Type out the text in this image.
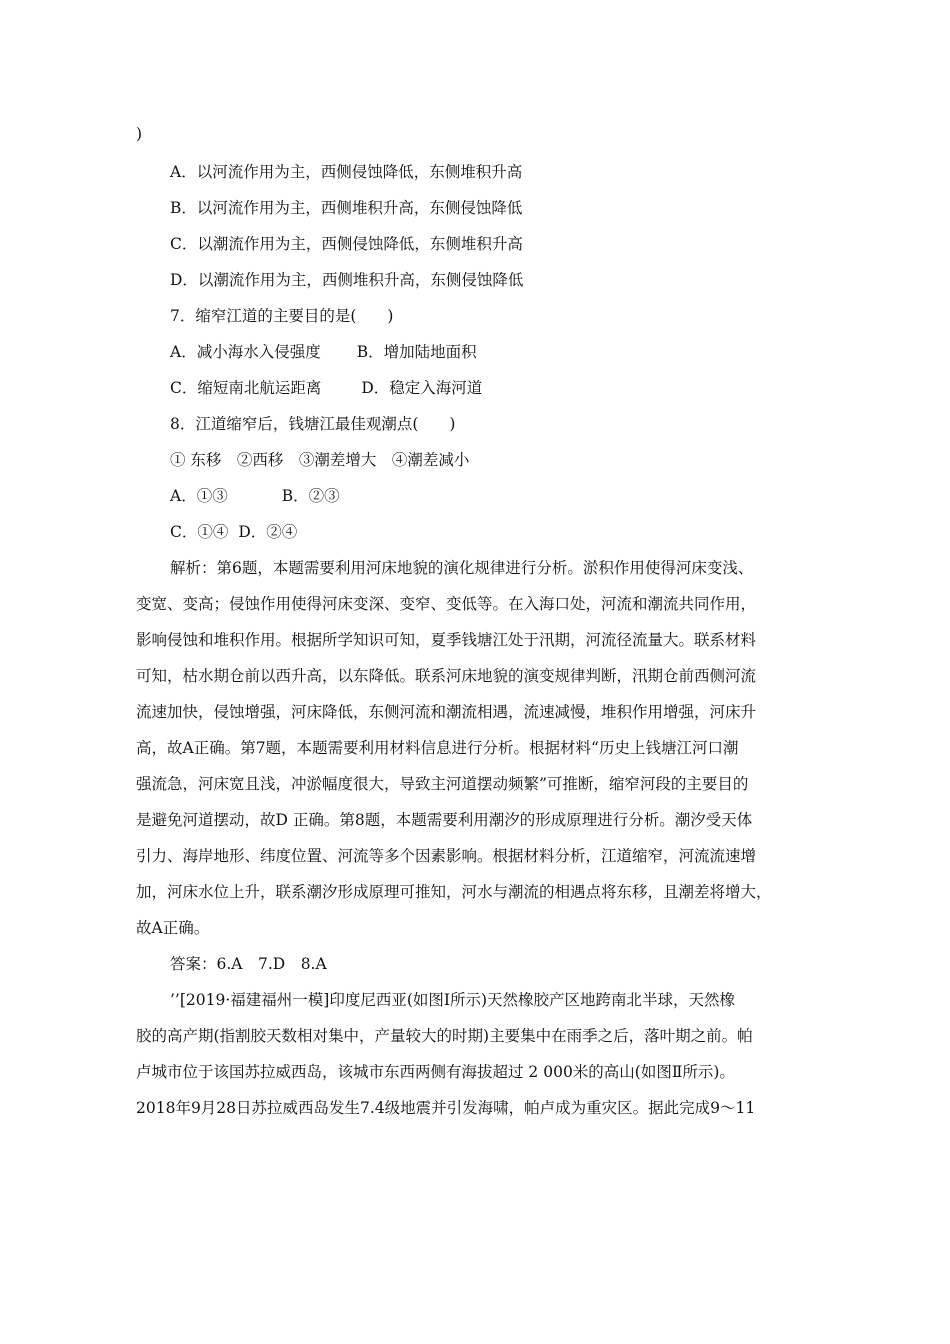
)
A．以河流作用为主，西侧侵蚀降低，东侧堆积升高
B．以河流作用为主，西侧堆积升高，东侧侵蚀降低
C．以潮流作用为主，西侧侵蚀降低，东侧堆积升高
D．以潮流作用为主，西侧堆积升高，东侧侵蚀降低
7．缩窄江道的主要目的是(　　)
A．减小海水入侵强度 B．增加陆地面积
C．缩短南北航运距离	D．稳定入海河道
8．江道缩窄后，钱塘江最佳观潮点(　　)
① 东移　②西移　③潮差增大　④潮差减小
A．①③	B．②③
C．①④ D．②④
解析：第6题，本题需要利用河床地貌的演化规律进行分析。淤积作用使得河床变浅、
变宽、变高；侵蚀作用使得河床变深、变窄、变低等。在入海口处，河流和潮流共同作用，
影响侵蚀和堆积作用。根据所学知识可知，夏季钱塘江处于汛期，河流径流量大。联系材料
可知，枯水期仓前以西升高，以东降低。联系河床地貌的演变规律判断，汛期仓前西侧河流
流速加快，侵蚀增强，河床降低，东侧河流和潮流相遇，流速减慢，堆积作用增强，河床升
高，故A正确。第7题，本题需要利用材料信息进行分析。根据材料“历史上钱塘江河口潮
强流急，河床宽且浅，冲淤幅度很大，导致主河道摆动频繁”可推断，缩窄河段的主要目的
是避免河道摆动，故D 正确。第8题，本题需要利用潮汐的形成原理进行分析。潮汐受天体
引力、海岸地形、纬度位置、河流等多个因素影响。根据材料分析，江道缩窄，河流流速增
加，河床水位上升，联系潮汐形成原理可推知，河水与潮流的相遇点将东移，且潮差将增大，
故A正确。
答案：6.A　7.D　8.A
’’[2019·福建福州一模]印度尼西亚(如图Ⅰ所示)天然橡胶产区地跨南北半球，天然橡
胶的高产期(指割胶天数相对集中，产量较大的时期)主要集中在雨季之后，落叶期之前。帕
卢城市位于该国苏拉威西岛，该城市东西两侧有海拔超过 2 000米的高山(如图Ⅱ所示)。
2018年9月28日苏拉威西岛发生7.4级地震并引发海啸，帕卢成为重灾区。据此完成9～11
